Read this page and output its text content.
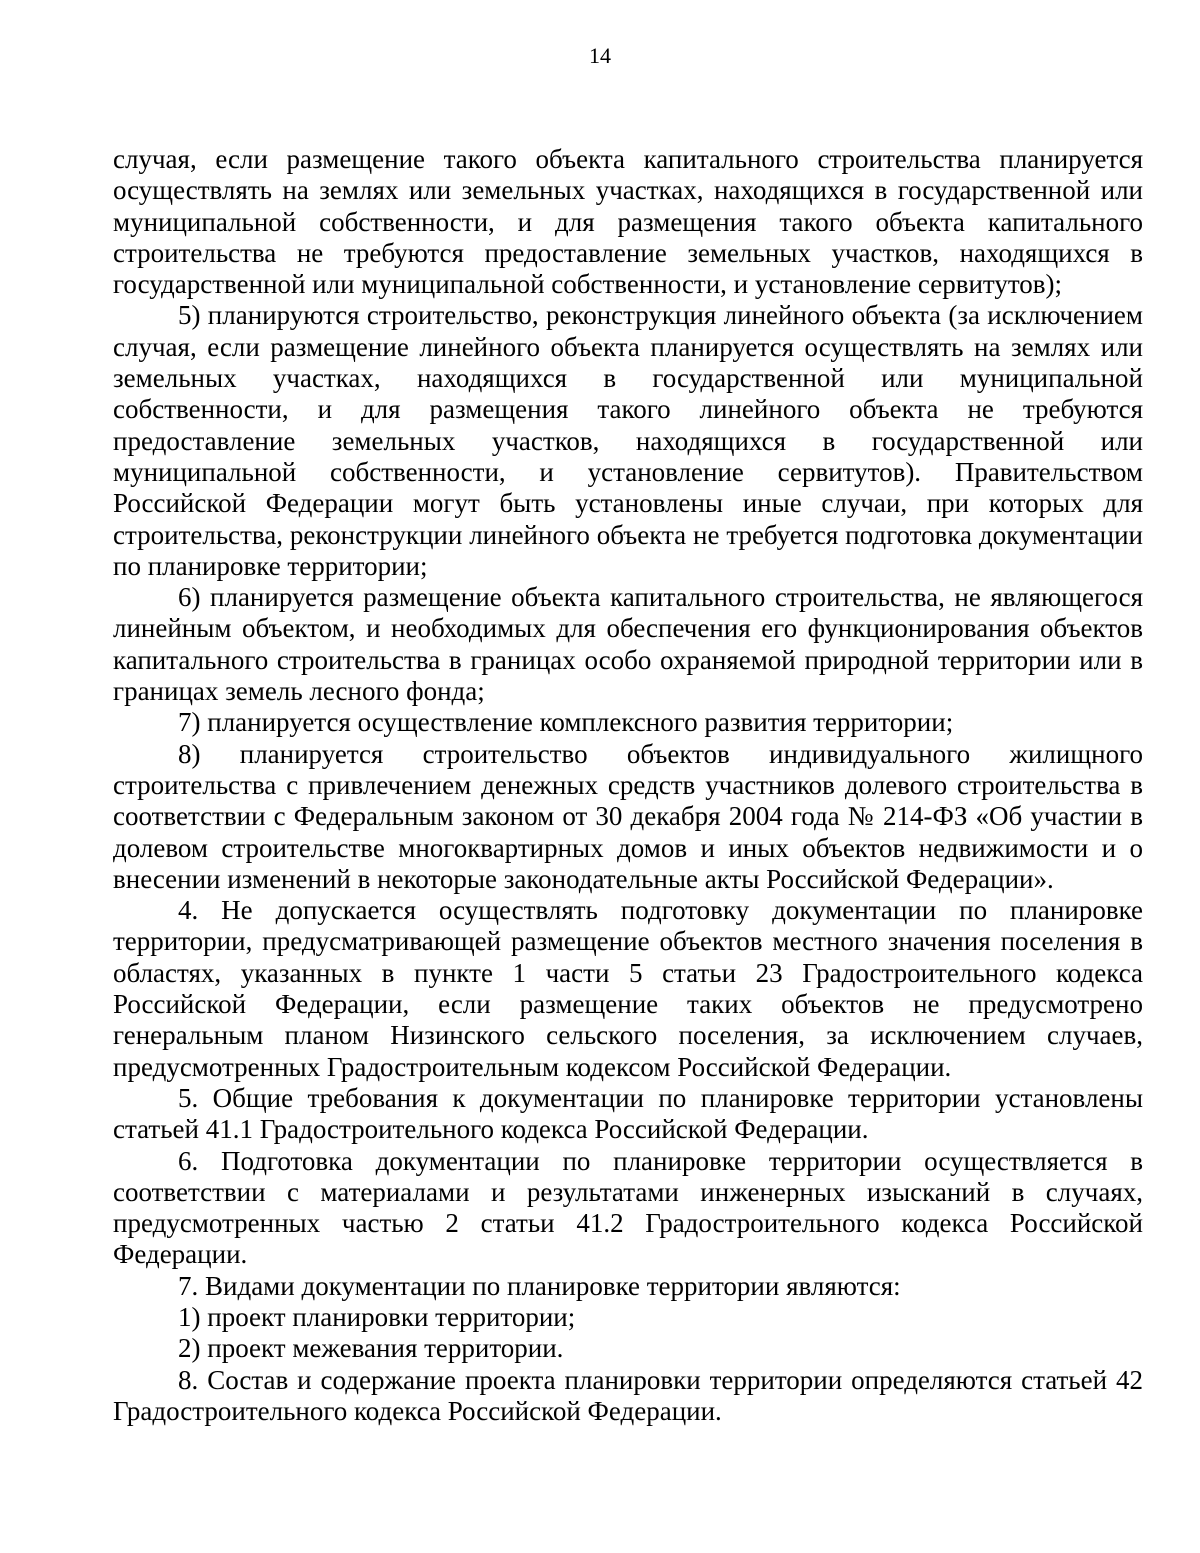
14

случая, если размещение такого объекта капитального строительства планируется осуществлять на землях или земельных участках, находящихся в государственной или муниципальной собственности, и для размещения такого объекта капитального строительства не требуются предоставление земельных участков, находящихся в государственной или муниципальной собственности, и установление сервитутов);

5) планируются строительство, реконструкция линейного объекта (за исключением случая, если размещение линейного объекта планируется осуществлять на землях или земельных участках, находящихся в государственной или муниципальной собственности, и для размещения такого линейного объекта не требуются предоставление земельных участков, находящихся в государственной или муниципальной собственности, и установление сервитутов). Правительством Российской Федерации могут быть установлены иные случаи, при которых для строительства, реконструкции линейного объекта не требуется подготовка документации по планировке территории;

6) планируется размещение объекта капитального строительства, не являющегося линейным объектом, и необходимых для обеспечения его функционирования объектов капитального строительства в границах особо охраняемой природной территории или в границах земель лесного фонда;

7) планируется осуществление комплексного развития территории;

8) планируется строительство объектов индивидуального жилищного строительства с привлечением денежных средств участников долевого строительства в соответствии с Федеральным законом от 30 декабря 2004 года № 214-ФЗ «Об участии в долевом строительстве многоквартирных домов и иных объектов недвижимости и о внесении изменений в некоторые законодательные акты Российской Федерации».

4. Не допускается осуществлять подготовку документации по планировке территории, предусматривающей размещение объектов местного значения поселения в областях, указанных в пункте 1 части 5 статьи 23 Градостроительного кодекса Российской Федерации, если размещение таких объектов не предусмотрено генеральным планом Низинского сельского поселения, за исключением случаев, предусмотренных Градостроительным кодексом Российской Федерации.

5. Общие требования к документации по планировке территории установлены статьей 41.1 Градостроительного кодекса Российской Федерации.

6. Подготовка документации по планировке территории осуществляется в соответствии с материалами и результатами инженерных изысканий в случаях, предусмотренных частью 2 статьи 41.2 Градостроительного кодекса Российской Федерации.

7. Видами документации по планировке территории являются:

1) проект планировки территории;

2) проект межевания территории.

8. Состав и содержание проекта планировки территории определяются статьей 42 Градостроительного кодекса Российской Федерации.
